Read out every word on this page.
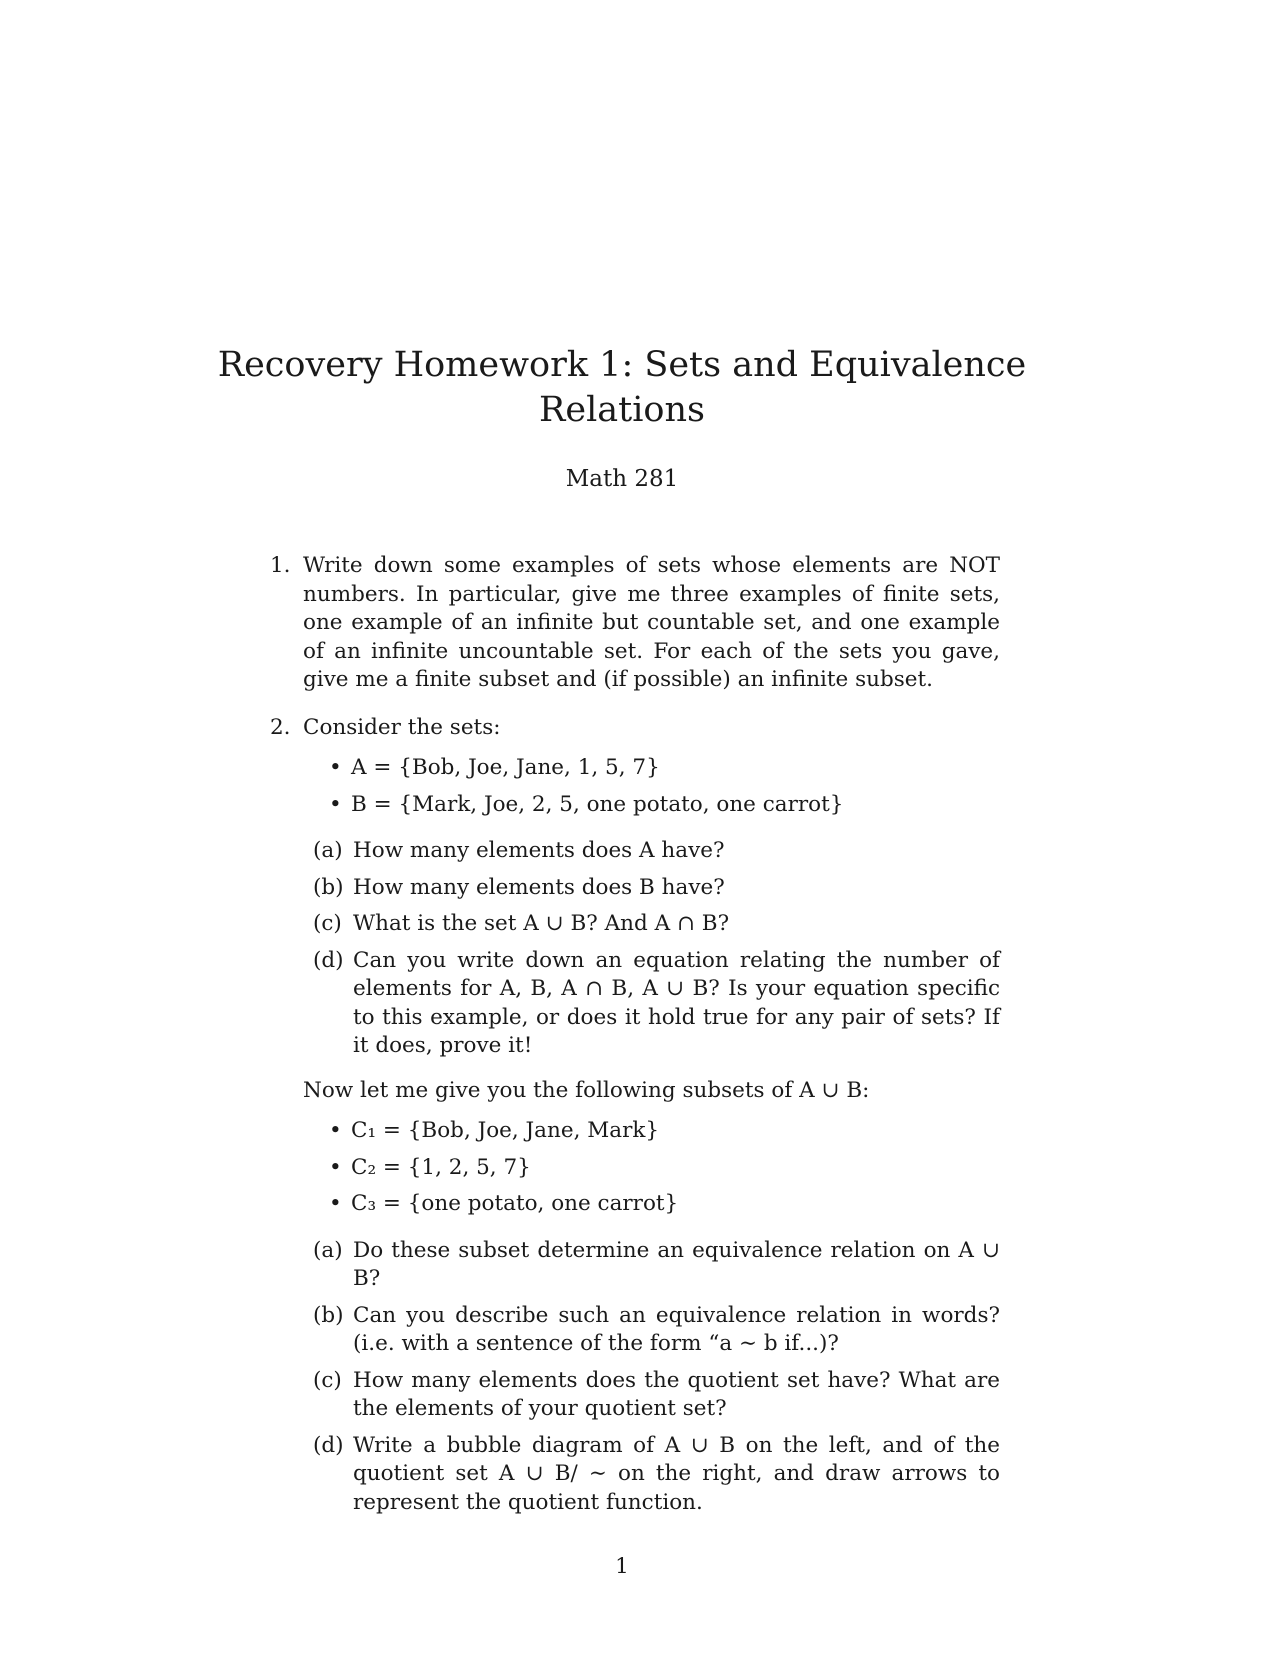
Recovery Homework 1: Sets and Equivalence
Relations
Math 281
1. Write down some examples of sets whose elements are NOT numbers. In particular, give me three examples of finite sets, one example of an infinite but countable set, and one example of an infinite uncountable set. For each of the sets you gave, give me a finite subset and (if possible) an infinite subset.
2. Consider the sets:
• A = {Bob, Joe, Jane, 1, 5, 7}
• B = {Mark, Joe, 2, 5, one potato, one carrot}
(a) How many elements does A have?
(b) How many elements does B have?
(c) What is the set A ∪ B? And A ∩ B?
(d) Can you write down an equation relating the number of elements for A, B, A ∩ B, A ∪ B? Is your equation specific to this example, or does it hold true for any pair of sets? If it does, prove it!
Now let me give you the following subsets of A ∪ B:
• C₁ = {Bob, Joe, Jane, Mark}
• C₂ = {1, 2, 5, 7}
• C₃ = {one potato, one carrot}
(a) Do these subset determine an equivalence relation on A ∪ B?
(b) Can you describe such an equivalence relation in words? (i.e. with a sentence of the form “a ∼ b if...)?
(c) How many elements does the quotient set have? What are the elements of your quotient set?
(d) Write a bubble diagram of A ∪ B on the left, and of the quotient set A ∪ B/ ∼ on the right, and draw arrows to represent the quotient function.
1
